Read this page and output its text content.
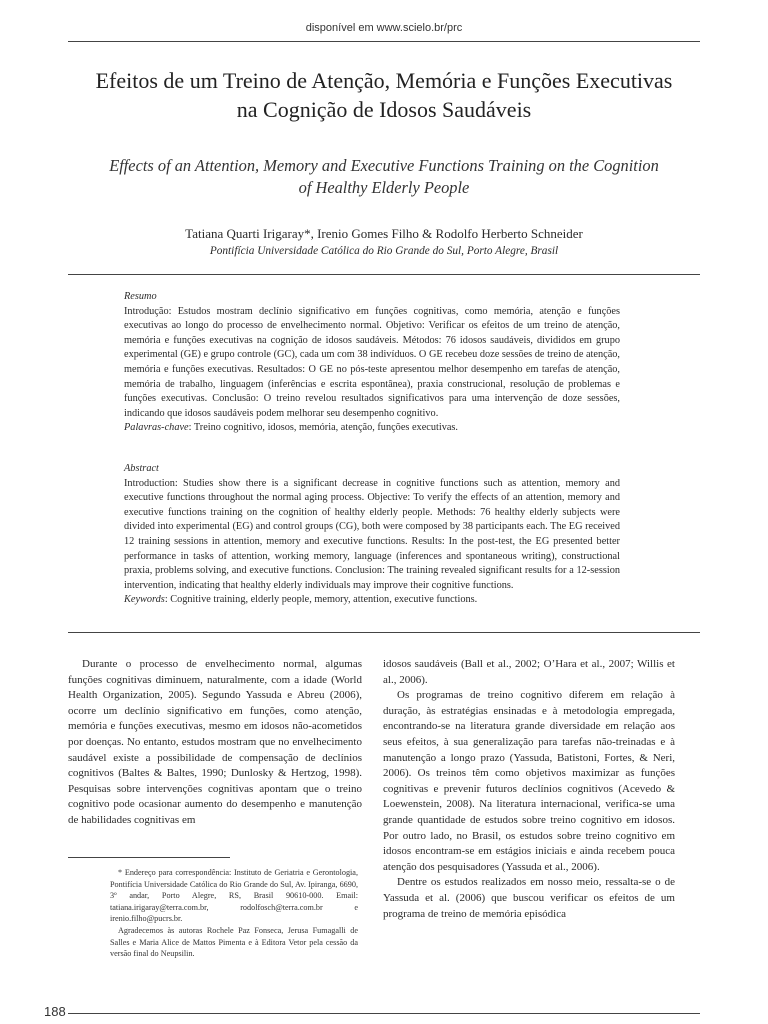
disponível em www.scielo.br/prc
Efeitos de um Treino de Atenção, Memória e Funções Executivas
na Cognição de Idosos Saudáveis
Effects of an Attention, Memory and Executive Functions Training on the Cognition
of Healthy Elderly People
Tatiana Quarti Irigaray*, Irenio Gomes Filho & Rodolfo Herberto Schneider
Pontifícia Universidade Católica do Rio Grande do Sul, Porto Alegre, Brasil
Resumo
Introdução: Estudos mostram declínio significativo em funções cognitivas, como memória, atenção e funções executivas ao longo do processo de envelhecimento normal. Objetivo: Verificar os efeitos de um treino de atenção, memória e funções executivas na cognição de idosos saudáveis. Métodos: 76 idosos saudáveis, divididos em grupo experimental (GE) e grupo controle (GC), cada um com 38 indivíduos. O GE recebeu doze sessões de treino de atenção, memória e funções executivas. Resultados: O GE no pós-teste apresentou melhor desempenho em tarefas de atenção, memória de trabalho, linguagem (inferências e escrita espontânea), praxia construcional, resolução de problemas e funções executivas. Conclusão: O treino revelou resultados significativos para uma intervenção de doze sessões, indicando que idosos saudáveis podem melhorar seu desempenho cognitivo.
Palavras-chave: Treino cognitivo, idosos, memória, atenção, funções executivas.
Abstract
Introduction: Studies show there is a significant decrease in cognitive functions such as attention, memory and executive functions throughout the normal aging process. Objective: To verify the effects of an attention, memory and executive functions training on the cognition of healthy elderly people. Methods: 76 healthy elderly subjects were divided into experimental (EG) and control groups (CG), both were composed by 38 participants each. The EG received 12 training sessions in attention, memory and executive functions. Results: In the post-test, the EG presented better performance in tasks of attention, working memory, language (inferences and spontaneous writing), constructional praxia, problems solving, and executive functions. Conclusion: The training revealed significant results for a 12-session intervention, indicating that healthy elderly individuals may improve their cognitive functions.
Keywords: Cognitive training, elderly people, memory, attention, executive functions.

Durante o processo de envelhecimento normal, algumas funções cognitivas diminuem, naturalmente, com a idade (World Health Organization, 2005). Segundo Yassuda e Abreu (2006), ocorre um declínio significativo em funções, como atenção, memória e funções executivas, mesmo em idosos não-acometidos por doenças. No entanto, estudos mostram que no envelhecimento saudável existe a possibilidade de compensação de declínios cognitivos (Baltes & Baltes, 1990; Dunlosky & Hertzog, 1998). Pesquisas sobre intervenções cognitivas apontam que o treino cognitivo pode ocasionar aumento do desempenho e manutenção de habilidades cognitivas em

idosos saudáveis (Ball et al., 2002; O’Hara et al., 2007; Willis et al., 2006).

Os programas de treino cognitivo diferem em relação à duração, às estratégias ensinadas e à metodologia empregada, encontrando-se na literatura grande diversidade em relação aos seus efeitos, à sua generalização para tarefas não-treinadas e à manutenção a longo prazo (Yassuda, Batistoni, Fortes, & Neri, 2006). Os treinos têm como objetivos maximizar as funções cognitivas e prevenir futuros declínios cognitivos (Acevedo & Loewenstein, 2008). Na literatura internacional, verifica-se uma grande quantidade de estudos sobre treino cognitivo em idosos. Por outro lado, no Brasil, os estudos sobre treino cognitivo em idosos encontram-se em estágios iniciais e ainda recebem pouca atenção dos pesquisadores (Yassuda et al., 2006).

Dentre os estudos realizados em nosso meio, ressalta-se o de Yassuda et al. (2006) que buscou verificar os efeitos de um programa de treino de memória episódica

* Endereço para correspondência: Instituto de Geriatria e Gerontologia, Pontifícia Universidade Católica do Rio Grande do Sul, Av. Ipiranga, 6690, 3º andar, Porto Alegre, RS, Brasil 90610-000. Email: tatiana.irigaray@terra.com.br, rodolfosch@terra.com.br e irenio.filho@pucrs.br.

Agradecemos às autoras Rochele Paz Fonseca, Jerusa Fumagalli de Salles e Maria Alice de Mattos Pimenta e à Editora Vetor pela cessão da versão final do Neupsilin.

188
